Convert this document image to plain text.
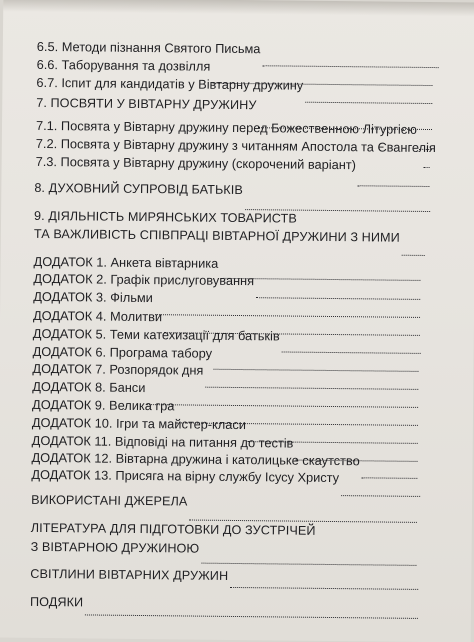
6.5. Методи пізнання Святого Письма
6.6. Таборування та дозвілля
6.7. Іспит для кандидатів у Вівтарну дружину
7. ПОСВЯТИ У ВІВТАРНУ ДРУЖИНУ
7.1. Посвята у Вівтарну дружину перед Божественною Літургією
7.2. Посвята у Вівтарну дружину з читанням Апостола та Євангелія
7.3. Посвята у Вівтарну дружину (скорочений варіант)
8. ДУХОВНИЙ СУПРОВІД БАТЬКІВ
9. ДІЯЛЬНІСТЬ МИРЯНСЬКИХ ТОВАРИСТВ
ТА ВАЖЛИВІСТЬ СПІВПРАЦІ ВІВТАРНОЇ ДРУЖИНИ З НИМИ
ДОДАТОК 1. Анкета вівтарника
ДОДАТОК 2. Графік прислуговування
ДОДАТОК 3. Фільми
ДОДАТОК 4. Молитви
ДОДАТОК 5. Теми катехизації для батьків
ДОДАТОК 6. Програма табору
ДОДАТОК 7. Розпорядок дня
ДОДАТОК 8. Банси
ДОДАТОК 9. Велика гра
ДОДАТОК 10. Ігри та майстер-класи
ДОДАТОК 11. Відповіді на питання до тестів
ДОДАТОК 12. Вівтарна дружина і католицьке скаутство
ДОДАТОК 13. Присяга на вірну службу Ісусу Христу
ВИКОРИСТАНІ ДЖЕРЕЛА
ЛІТЕРАТУРА ДЛЯ ПІДГОТОВКИ ДО ЗУСТРІЧЕЙ
З ВІВТАРНОЮ ДРУЖИНОЮ
СВІТЛИНИ ВІВТАРНИХ ДРУЖИН
ПОДЯКИ
